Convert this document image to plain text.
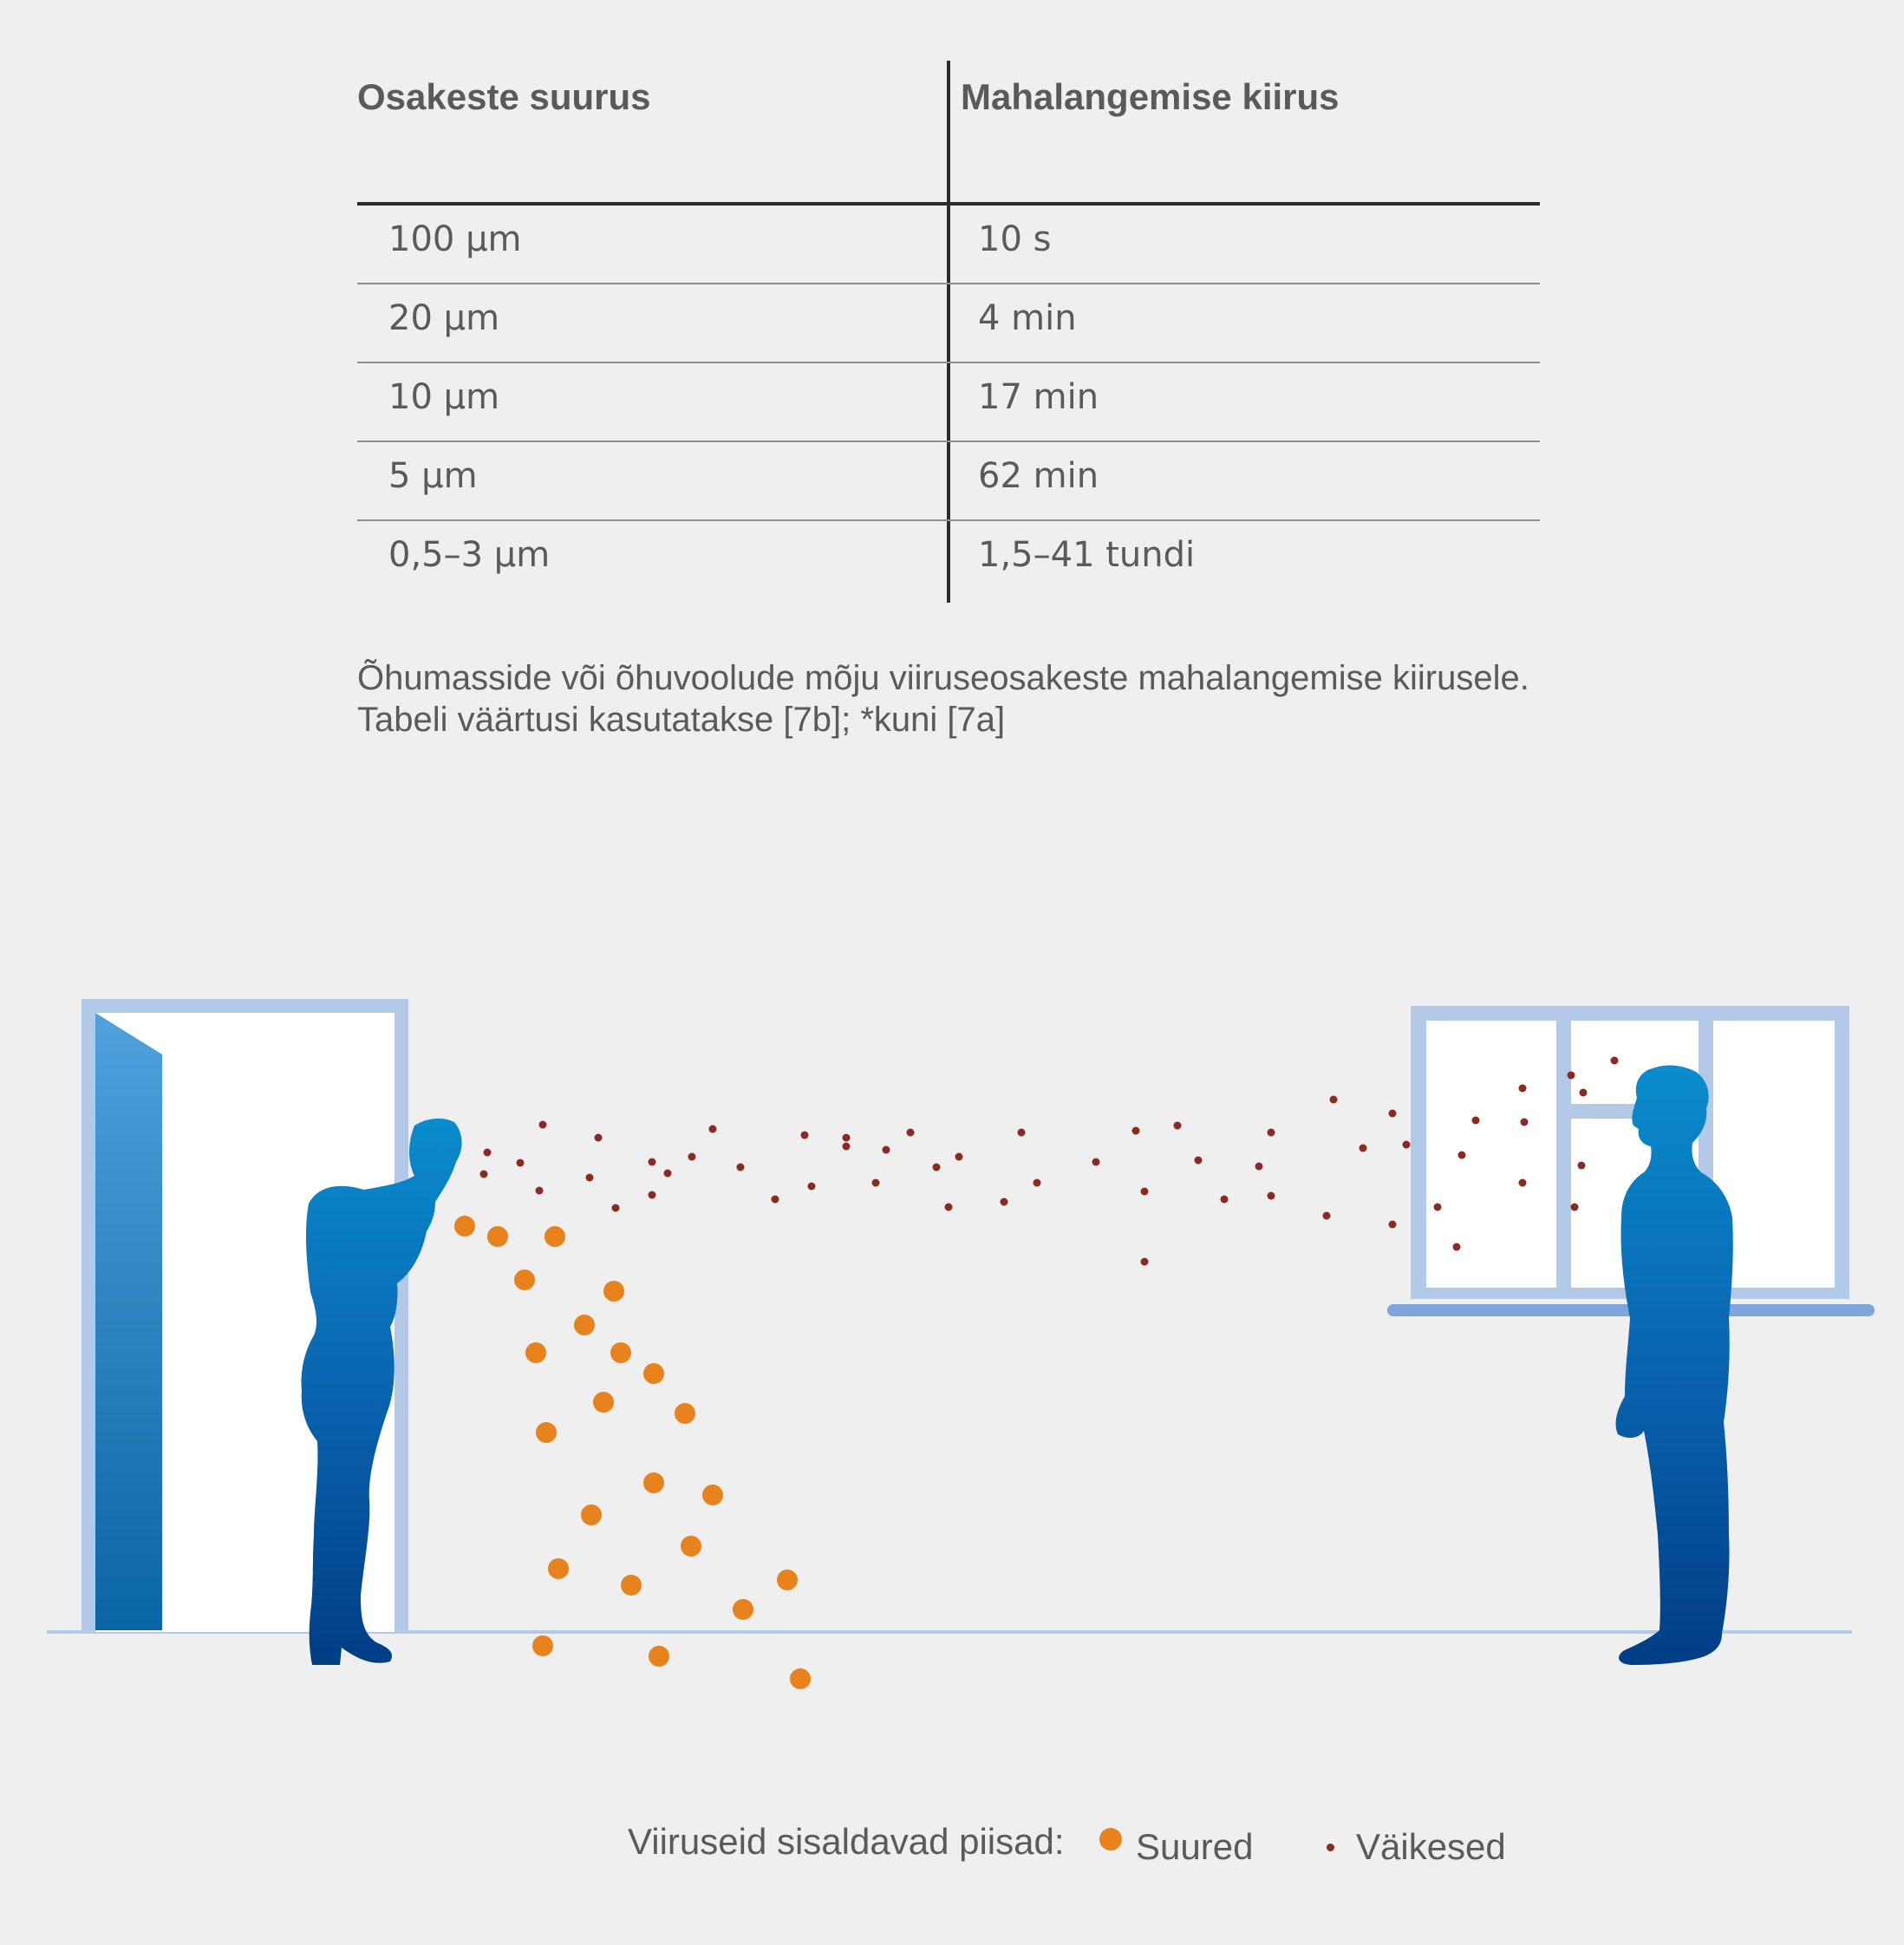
Osakeste suurus	Mahalangemise kiirus
100 µm	10 s
20 µm	4 min
10 µm	17 min
5 µm	62 min
0,5–3 µm	1,5–41 tundi
Õhumasside või õhuvoolude mõju viiruseosakeste mahalangemise kiirusele.
Tabeli väärtusi kasutatakse [7b]; *kuni [7a]
Viiruseid sisaldavad piisad: Suured	Väikesed
